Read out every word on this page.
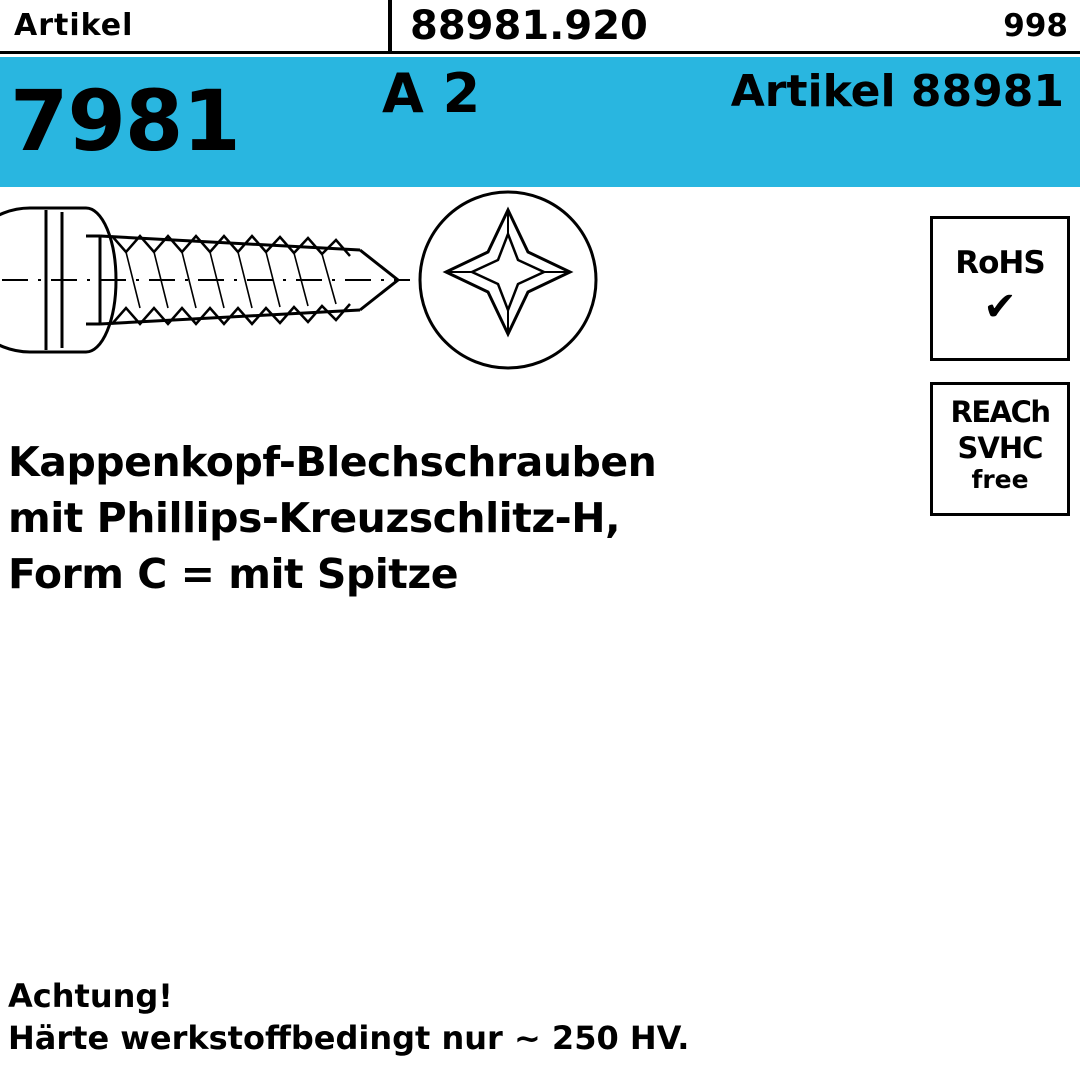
Artikel	88981.920	998
7981	A 2	Artikel 88981
RoHS
✔
REACh
SVHC
free
Kappenkopf-Blechschrauben
mit Phillips-Kreuzschlitz-H,
Form C = mit Spitze
Achtung!
Härte werkstoffbedingt nur ~ 250 HV.
